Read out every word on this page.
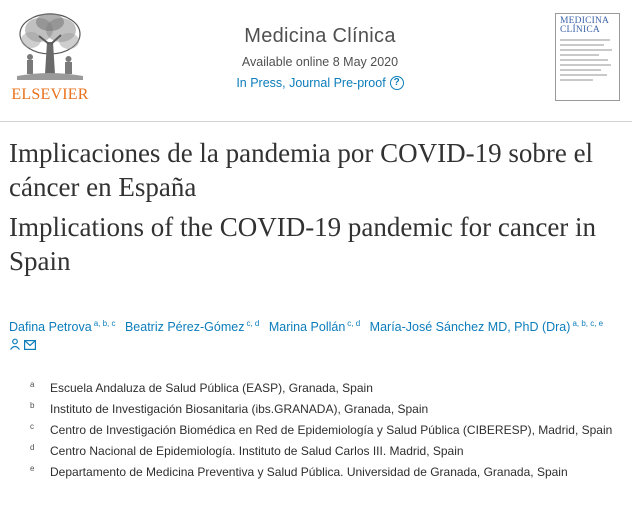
ELSEVIER
Medicina Clínica
Available online 8 May 2020
In Press, Journal Pre-proof ?
MEDICINA
CLÍNICA
Implicaciones de la pandemia por COVID-19 sobre el cáncer en España
Implications of the COVID-19 pandemic for cancer in Spain
Dafina Petrova $^{a, b, c}$ Beatriz Pérez-Gómez $^{c, d}$ Marina Pollán $^{c, d}$ María-José Sánchez MD, PhD (Dra) $^{a, b, c, e}$
a	Escuela Andaluza de Salud Pública (EASP), Granada, Spain
b	Instituto de Investigación Biosanitaria (ibs.GRANADA), Granada, Spain
c	Centro de Investigación Biomédica en Red de Epidemiología y Salud Pública (CIBERESP), Madrid, Spain
d	Centro Nacional de Epidemiología. Instituto de Salud Carlos III. Madrid, Spain
e	Departamento de Medicina Preventiva y Salud Pública. Universidad de Granada, Granada, Spain
